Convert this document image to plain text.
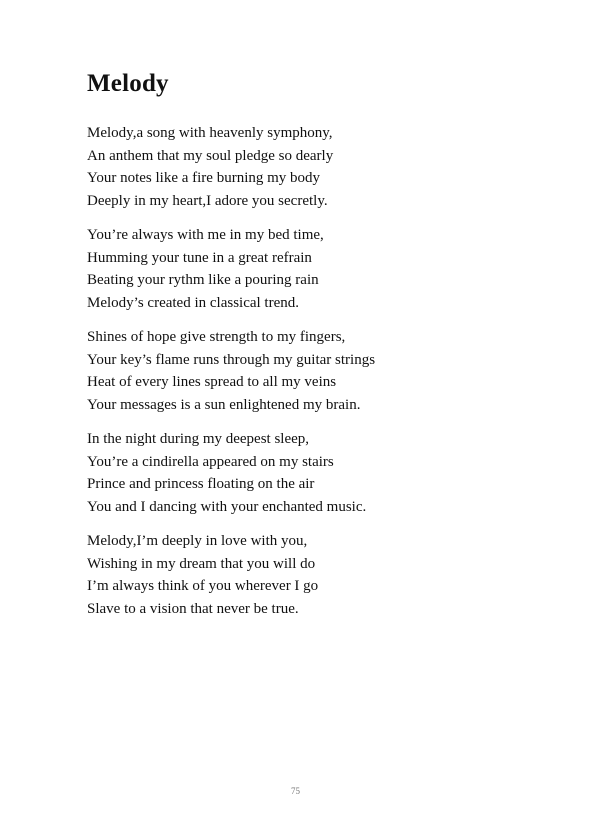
Melody
Melody,a song with heavenly symphony,
An anthem that my soul pledge so dearly
Your notes like a fire burning my body
Deeply in my heart,I adore you secretly.
You’re always with me in my bed time,
Humming your tune in a great refrain
Beating your rythm like a pouring rain
Melody’s created in classical trend.
Shines of hope give strength to my fingers,
Your key’s flame runs through my guitar strings
Heat of every lines spread to all my veins
Your messages is a sun enlightened my brain.
In the night during my deepest sleep,
You’re a cindirella appeared on my stairs
Prince and princess floating on the air
You and I dancing with your enchanted music.
Melody,I’m deeply in love with you,
Wishing in my dream that you will do
I’m always think of you wherever I go
Slave to a vision that never be true.
75
